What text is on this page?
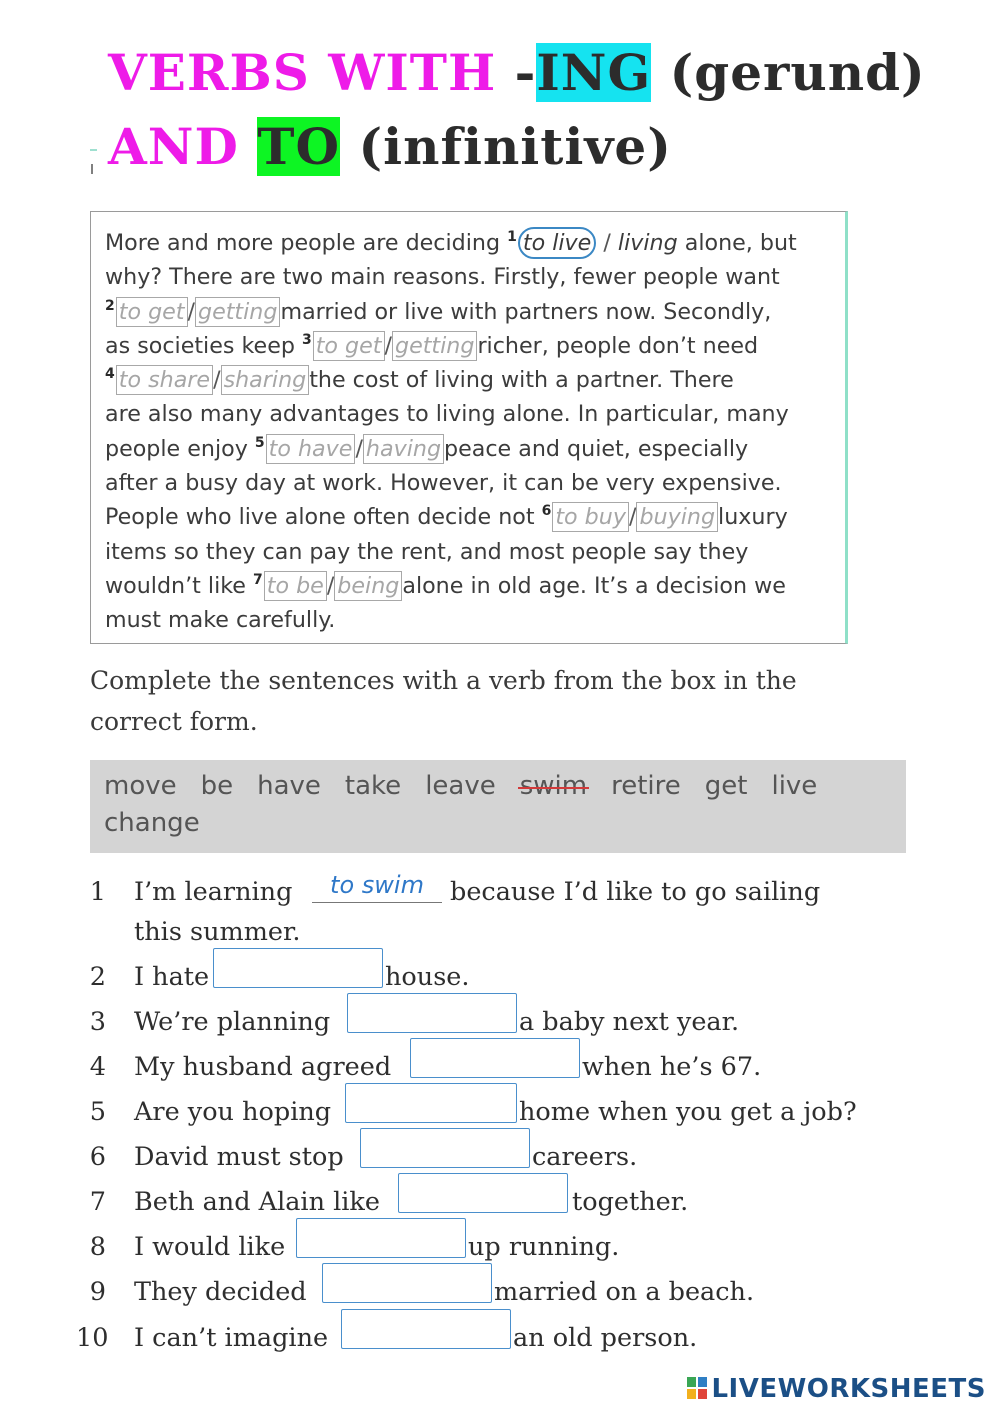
VERBS WITH -ING (gerund)
AND TO (infinitive)
More and more people are deciding $^1$ to live / living alone, but
why? There are two main reasons. Firstly, fewer people want
$^2$ to get / getting married or live with partners now. Secondly,
as societies keep $^3$ to get / getting richer, people don’t need
$^4$ to share / sharing the cost of living with a partner. There
are also many advantages to living alone. In particular, many
people enjoy $^5$ to have / having peace and quiet, especially
after a busy day at work. However, it can be very expensive.
People who live alone often decide not $^6$ to buy / buying luxury
items so they can pay the rent, and most people say they
wouldn’t like $^7$ to be / being alone in old age. It’s a decision we
must make carefully.
Complete the sentences with a verb from the box in the correct form.
move be have take leave swim retire get livechange
1 I’m learning	to swim	because I’d like to go sailing
this summer.
2 I hate	house.
3 We’re planning	a baby next year.
4 My husband agreed	when he’s 67.
5 Are you hoping	home when you get a job?
6 David must stop	careers.
7 Beth and Alain like	together.
8 I would like	up running.
9 They decided	married on a beach.
10 I can’t imagine	an old person.
LIVEWORKSHEETS
